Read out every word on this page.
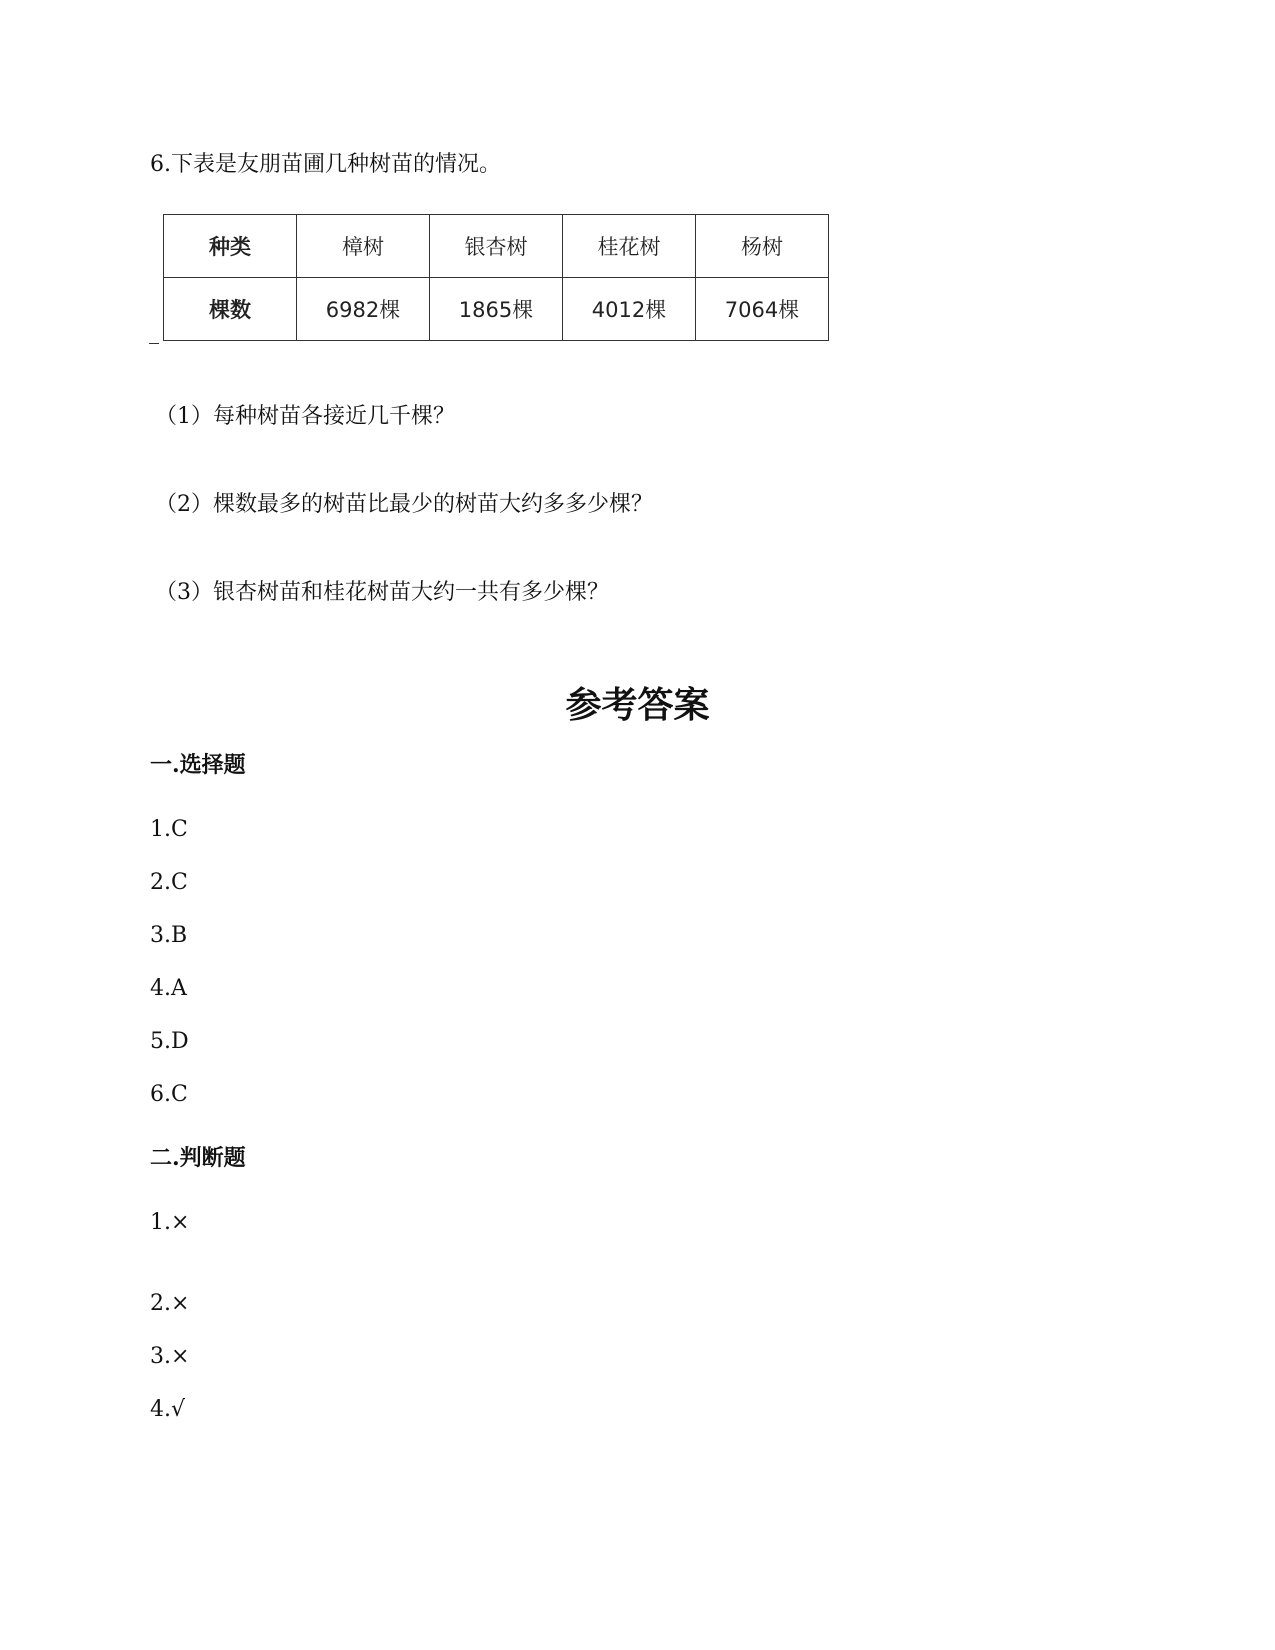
6.下表是友朋苗圃几种树苗的情况。
种类	樟树	银杏树	桂花树	杨树
棵数	6982棵	1865棵	4012棵	7064棵
（1）每种树苗各接近几千棵？
（2）棵数最多的树苗比最少的树苗大约多多少棵？
（3）银杏树苗和桂花树苗大约一共有多少棵？
参考答案
一.选择题
1.C
2.C
3.B
4.A
5.D
6.C
二.判断题
1.×
2.×
3.×
4.√
